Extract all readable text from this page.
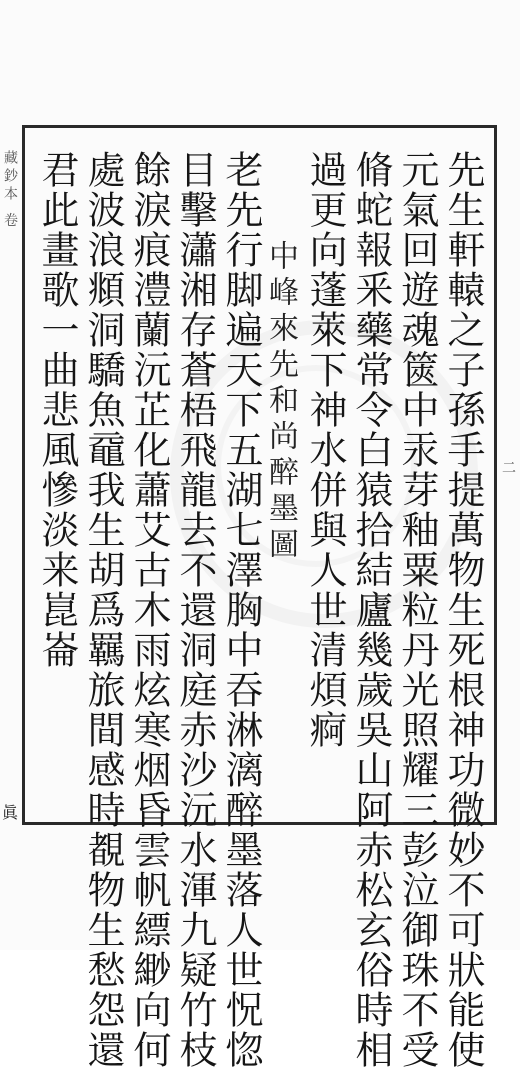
藏鈔本 卷
眞
二
先生軒轅之子孫手提萬物生死根神功微妙不可狀能使
元氣回遊魂篋中汞芽釉粟粒丹光照耀三彭泣御珠不受
脩蛇報釆藥常令白猿拾結廬幾歲吳山阿赤松玄俗時相
過更向蓬萊下神水併與人世清煩痾
中峰來先和尚醉墨圖
老先行脚遍天下五湖七澤胸中吞淋漓醉墨落人世怳惚
目擊瀟湘存蒼梧飛龍去不還洞庭赤沙沅水渾九疑竹枝
餘淚痕澧蘭沅芷化蕭艾古木雨炫寒烟昏雲帆縹緲向何
處波浪頫洞驕魚黿我生胡爲羈旅間感時覩物生愁怨還
君此畫歌一曲悲風慘淡来崑崙
